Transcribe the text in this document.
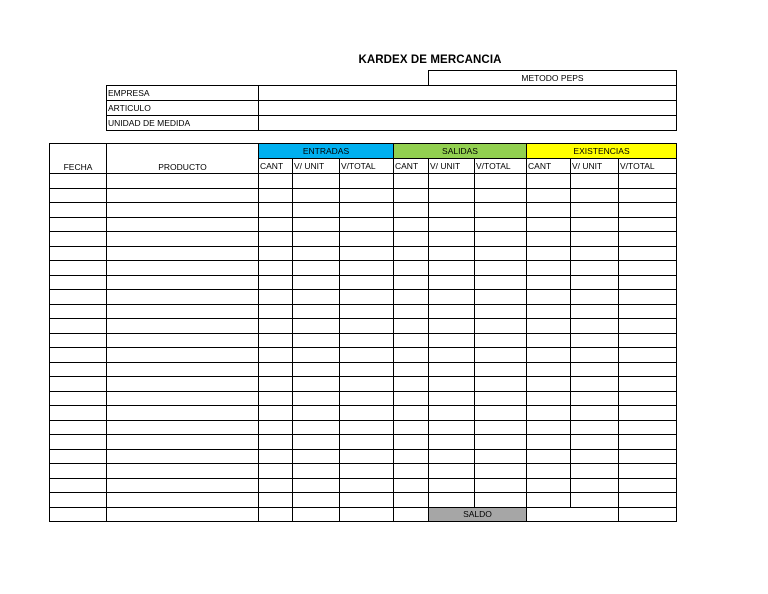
KARDEX DE MERCANCIA
		METODO PEPS
EMPRESA		
ARTICULO		
UNIDAD DE MEDIDA		
FECHA	PRODUCTO	ENTRADAS			SALIDAS			EXISTENCIAS		
		CANT	V/ UNIT	V/TOTAL	CANT	V/ UNIT	V/TOTAL	CANT	V/ UNIT	V/TOTAL

						SALDO				
